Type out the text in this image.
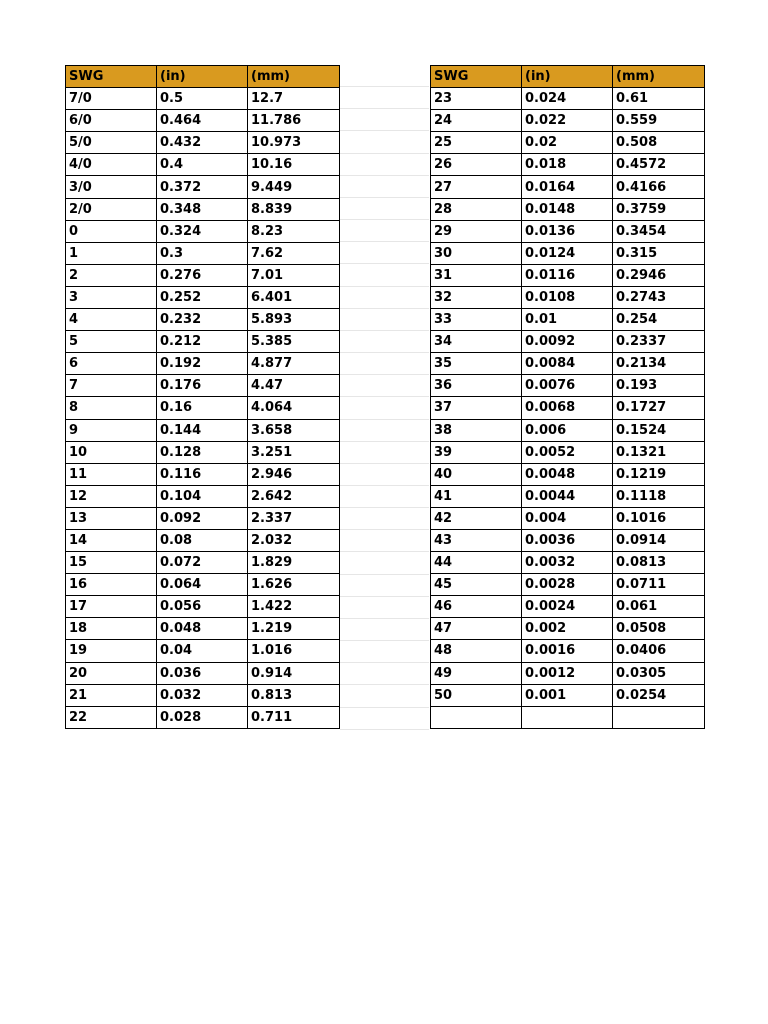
SWG	(in)	(mm)
7/0	0.5	12.7
6/0	0.464	11.786
5/0	0.432	10.973
4/0	0.4	10.16
3/0	0.372	9.449
2/0	0.348	8.839
0	0.324	8.23
1	0.3	7.62
2	0.276	7.01
3	0.252	6.401
4	0.232	5.893
5	0.212	5.385
6	0.192	4.877
7	0.176	4.47
8	0.16	4.064
9	0.144	3.658
10	0.128	3.251
11	0.116	2.946
12	0.104	2.642
13	0.092	2.337
14	0.08	2.032
15	0.072	1.829
16	0.064	1.626
17	0.056	1.422
18	0.048	1.219
19	0.04	1.016
20	0.036	0.914
21	0.032	0.813
22	0.028	0.711
SWG	(in)	(mm)
23	0.024	0.61
24	0.022	0.559
25	0.02	0.508
26	0.018	0.4572
27	0.0164	0.4166
28	0.0148	0.3759
29	0.0136	0.3454
30	0.0124	0.315
31	0.0116	0.2946
32	0.0108	0.2743
33	0.01	0.254
34	0.0092	0.2337
35	0.0084	0.2134
36	0.0076	0.193
37	0.0068	0.1727
38	0.006	0.1524
39	0.0052	0.1321
40	0.0048	0.1219
41	0.0044	0.1118
42	0.004	0.1016
43	0.0036	0.0914
44	0.0032	0.0813
45	0.0028	0.0711
46	0.0024	0.061
47	0.002	0.0508
48	0.0016	0.0406
49	0.0012	0.0305
50	0.001	0.0254
